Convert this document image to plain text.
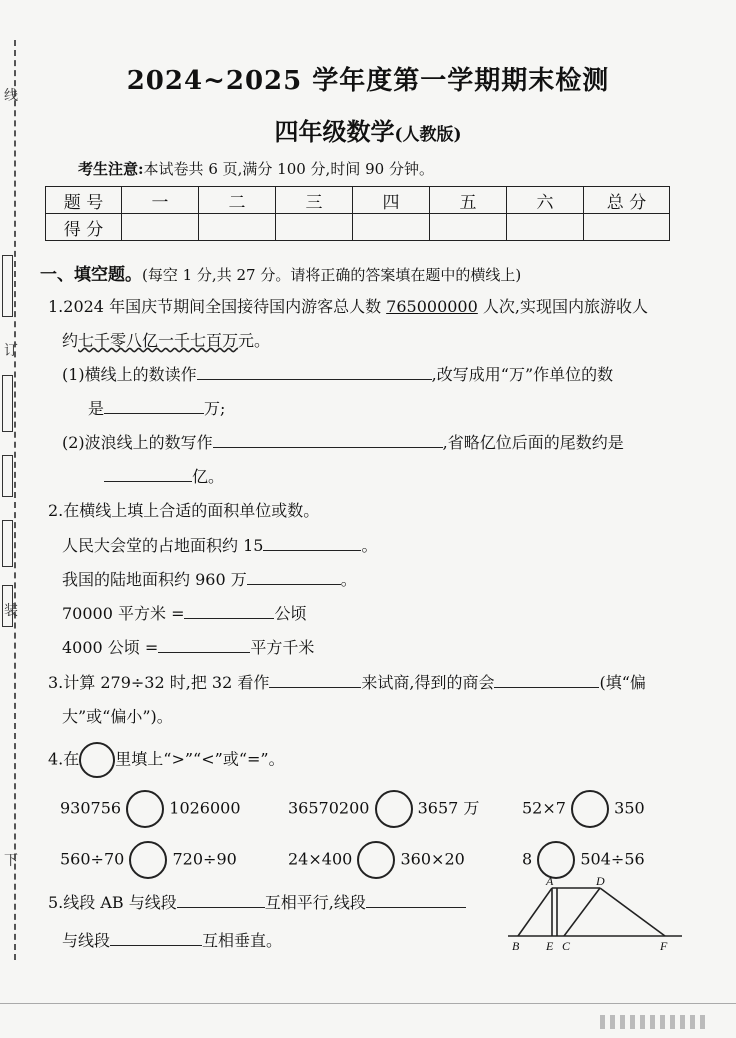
线
订
装
下
2024~2025 学年度第一学期期末检测
四年级数学(人教版)
考生注意:本试卷共 6 页,满分 100 分,时间 90 分钟。
题 号	一	二	三	四	五	六	总 分
得 分							
一、填空题。(每空 1 分,共 27 分。请将正确的答案填在题中的横线上)
1.2024 年国庆节期间全国接待国内游客总人数 765000000 人次,实现国内旅游收人
约七千零八亿一千七百万元。
(1)横线上的数读作	,改写成用“万”作单位的数
是	万;
(2)波浪线上的数写作	,省略亿位后面的尾数约是
亿。
2.在横线上填上合适的面积单位或数。
人民大会堂的占地面积约 15	。
我国的陆地面积约 960 万	。
70000 平方米 =	公顷
4000 公顷 =	平方千米
3.计算 279÷32 时,把 32 看作	来试商,得到的商会	(填“偏
大”或“偏小”)。
4.在 里填上“>”“<”或“=”。
930756	1026000	36570200	3657 万	52×7	350
560÷70	720÷90	24×400	360×20	8	504÷56
5.线段 AB 与线段	互相平行,线段
与线段	互相垂直。
A	D
B E C	F
